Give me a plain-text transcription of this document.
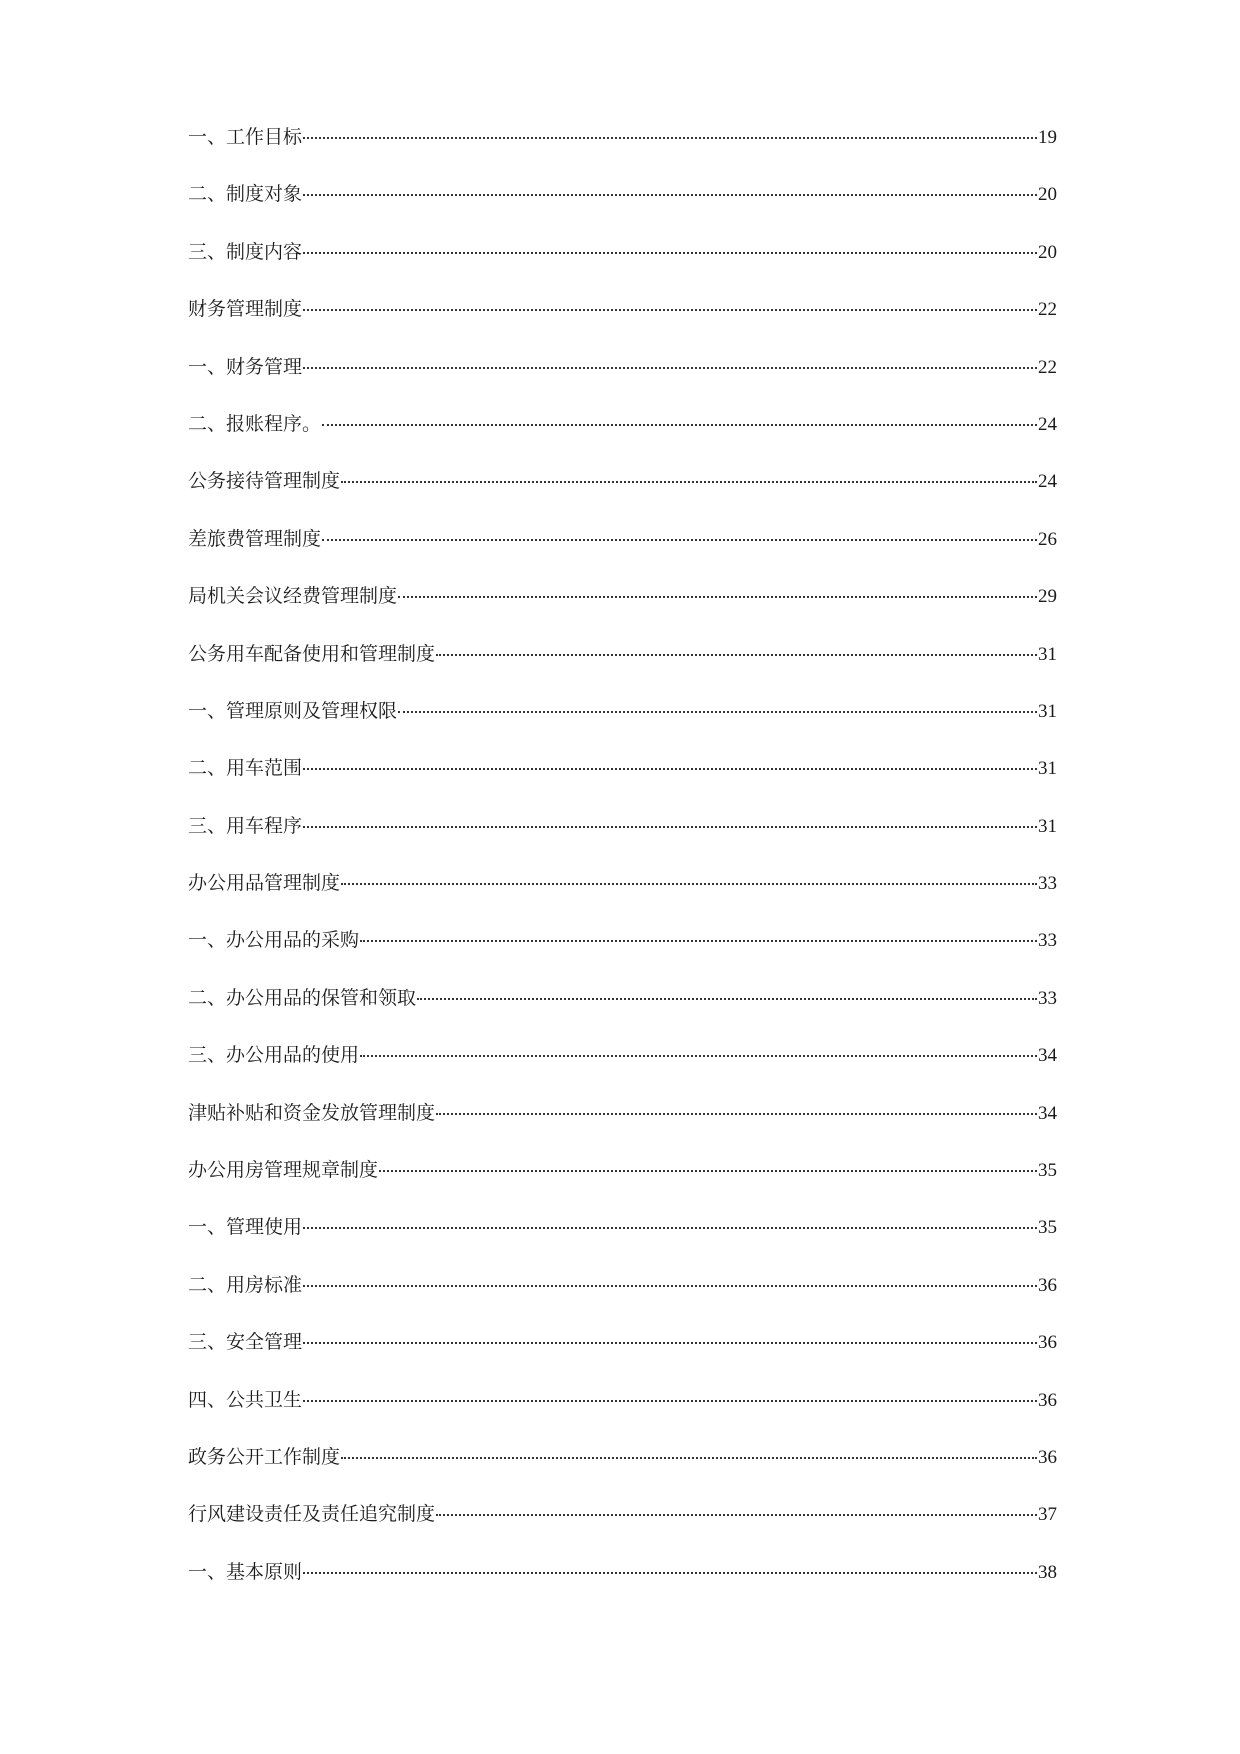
一、工作目标	19
二、制度对象	20
三、制度内容	20
财务管理制度	22
一、财务管理	22
二、报账程序。	24
公务接待管理制度	24
差旅费管理制度	26
局机关会议经费管理制度	29
公务用车配备使用和管理制度	31
一、管理原则及管理权限	31
二、用车范围	31
三、用车程序	31
办公用品管理制度	33
一、办公用品的采购	33
二、办公用品的保管和领取	33
三、办公用品的使用	34
津贴补贴和资金发放管理制度	34
办公用房管理规章制度	35
一、管理使用	35
二、用房标准	36
三、安全管理	36
四、公共卫生	36
政务公开工作制度	36
行风建设责任及责任追究制度	37
一、基本原则	38
